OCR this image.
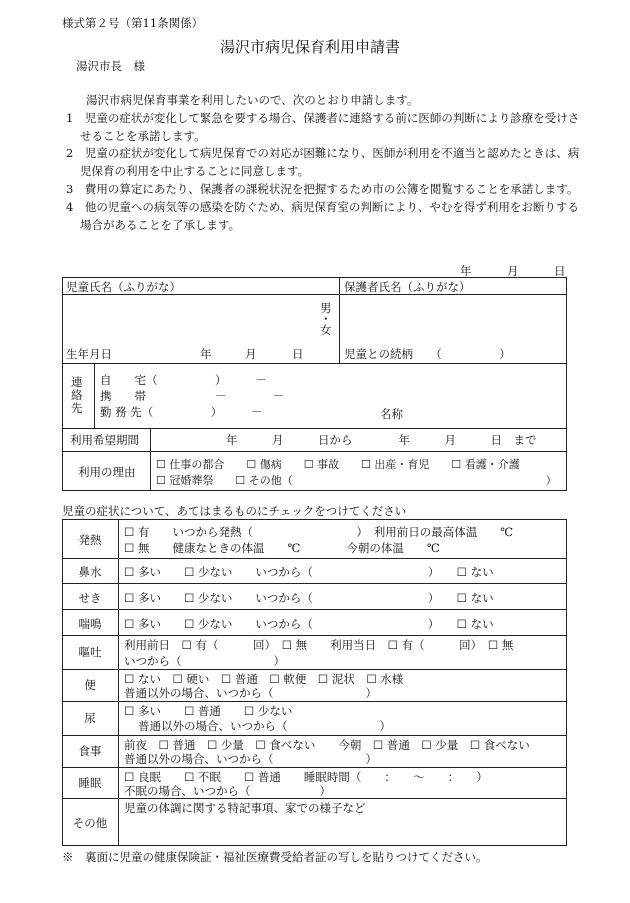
様式第２号（第11条関係）
湯沢市病児保育利用申請書
湯沢市長　様

湯沢市病児保育事業を利用したいので、次のとおり申請します。

1　児童の症状が変化して緊急を要する場合、保護者に連絡する前に医師の判断により診療を受けさせることを承諾します。

2　児童の症状が変化して病児保育での対応が困難になり、医師が利用を不適当と認めたときは、病児保育の利用を中止することに同意します。

3　費用の算定にあたり、保護者の課税状況を把握するため市の公簿を閲覧することを承諾します。

4　他の児童への病気等の感染を防ぐため、病児保育室の判断により、やむを得ず利用をお断りする場合があることを了承します。

年	月	日
児童氏名（ふりがな）	保護者氏名（ふりがな）
男
・
女
生年月日	年	月	日	児童との続柄　　（　　　　　）
連
絡
先
自　　宅（　　　　　）　　　－
携　　帯　　　　　　－　　　　－
勤 務 先（　　　　　）　　　－	名称
利用希望期間	年　　　月　　　日から　　　　年　　　月　　　日　まで
利用の理由
☐ 仕事の都合　　☐ 傷病　　☐ 事故　　☐ 出産・育児　　☐ 看護・介護
☐ 冠婚葬祭　　☐ その他（　　　　　　　　　　　　　　　　　　　　　　　）
児童の症状について、あてはまるものにチェックをつけてください
発熱
☐ 有　　いつから発熱（　　　　　　　　　）　利用前日の最高体温　　℃
☐ 無　　健康なときの体温　　℃　　　　今朝の体温　　℃
鼻水	☐ 多い　　☐ 少ない　　いつから（　　　　　　　　　　）　　☐ ない
せき	☐ 多い　　☐ 少ない　　いつから（　　　　　　　　　　）　　☐ ない
喘鳴	☐ 多い　　☐ 少ない　　いつから（　　　　　　　　　　）　　☐ ない
嘔吐	利用前日　☐ 有（　　　回）　☐ 無　　利用当日　☐ 有（　　　回）　☐ 無
いつから（　　　　　　　　）
便	☐ ない　☐ 硬い　☐ 普通　☐ 軟便　☐ 泥状　☐ 水様
普通以外の場合、いつから（　　　　　　　　）
尿	☐ 多い　　☐ 普通　　☐ 少ない
普通以外の場合、いつから（　　　　　　　　）
食事	前夜　☐ 普通　☐ 少量　☐ 食べない　　今朝　☐ 普通　☐ 少量　☐ 食べない
普通以外の場合、いつから（　　　　　　　　）
睡眠	☐ 良眠　　☐ 不眠　　☐ 普通　　睡眠時間（　　：　　〜　　：　　）
不眠の場合、いつから（　　　　　　）
その他
児童の体調に関する特記事項、家での様子など
※　裏面に児童の健康保険証・福祉医療費受給者証の写しを貼りつけてください。
